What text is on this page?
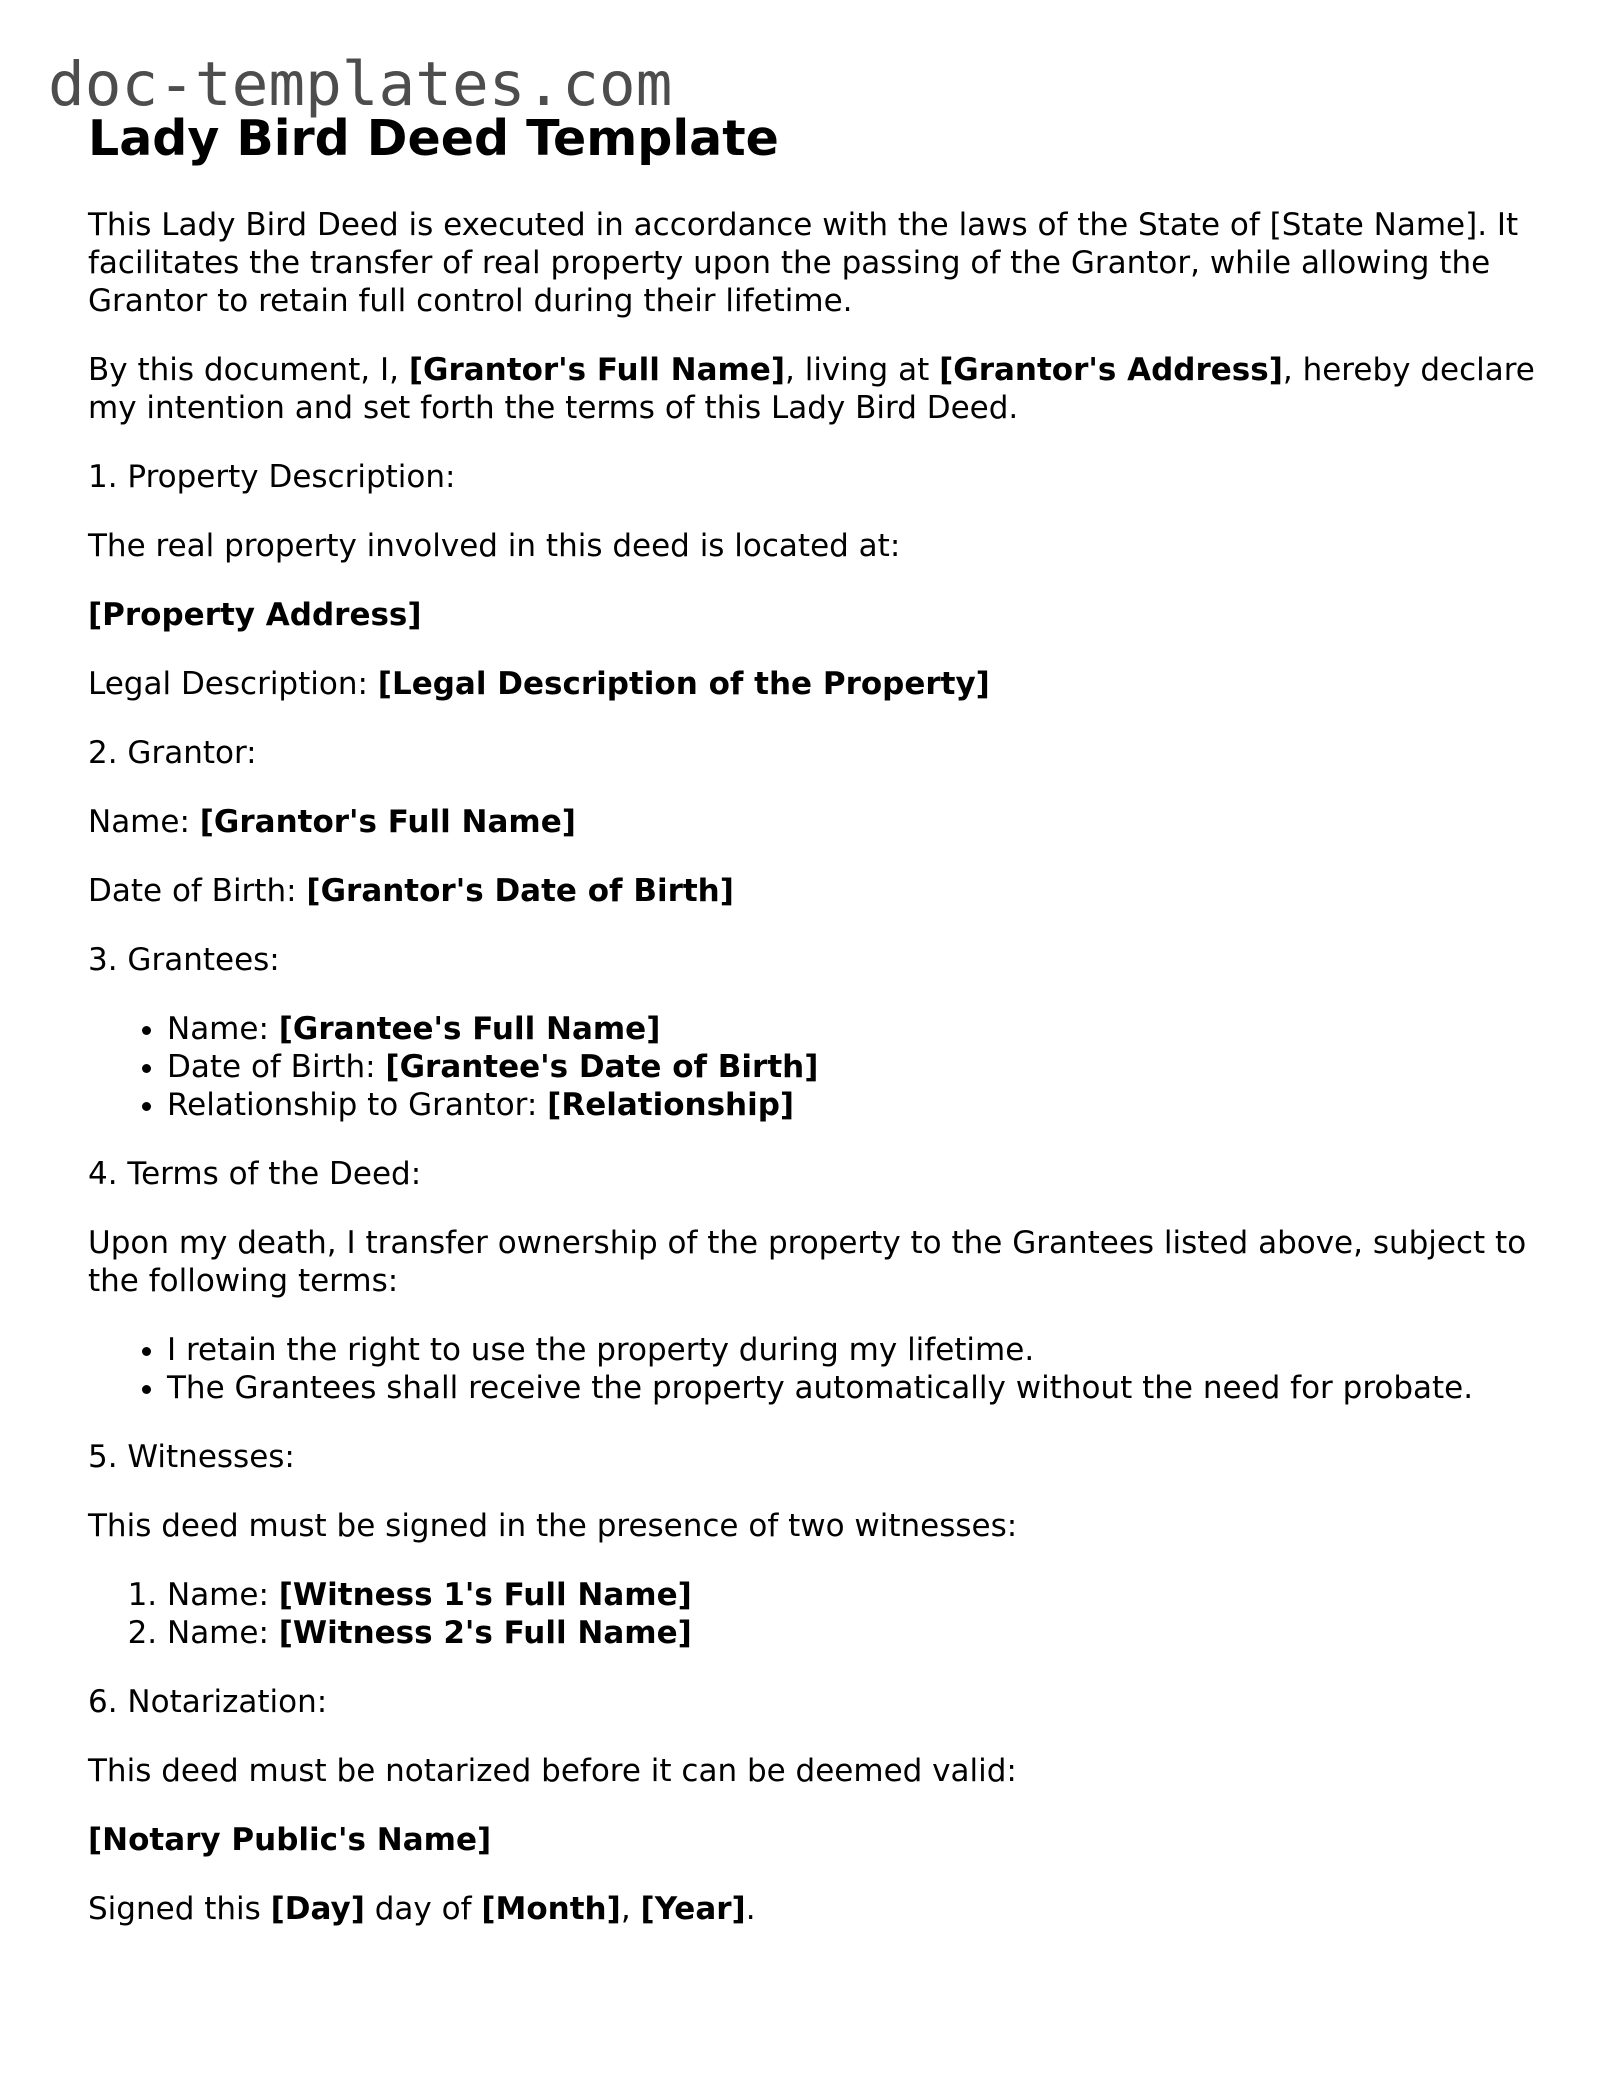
doc-templates.com
Lady Bird Deed Template

This Lady Bird Deed is executed in accordance with the laws of the State of [State Name]. It facilitates the transfer of real property upon the passing of the Grantor, while allowing the Grantor to retain full control during their lifetime.

By this document, I, [Grantor's Full Name], living at [Grantor's Address], hereby declare my intention and set forth the terms of this Lady Bird Deed.

1. Property Description:

The real property involved in this deed is located at:

[Property Address]

Legal Description: [Legal Description of the Property]

2. Grantor:

Name: [Grantor's Full Name]

Date of Birth: [Grantor's Date of Birth]

3. Grantees:

• Name: [Grantee's Full Name]
• Date of Birth: [Grantee's Date of Birth]
• Relationship to Grantor: [Relationship]

4. Terms of the Deed:

Upon my death, I transfer ownership of the property to the Grantees listed above, subject to the following terms:

• I retain the right to use the property during my lifetime.
• The Grantees shall receive the property automatically without the need for probate.

5. Witnesses:

This deed must be signed in the presence of two witnesses:

1. Name: [Witness 1's Full Name]
2. Name: [Witness 2's Full Name]

6. Notarization:

This deed must be notarized before it can be deemed valid:

[Notary Public's Name]

Signed this [Day] day of [Month], [Year].
